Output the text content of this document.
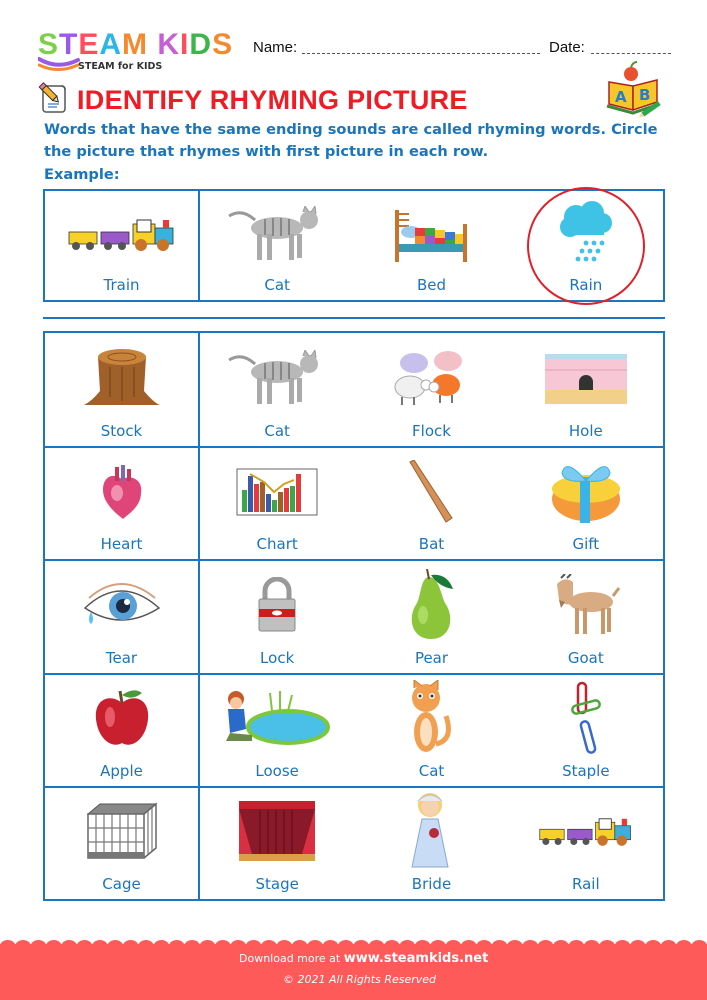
STEAM KIDS
STEAM for KIDS
Name:	Date:
IDENTIFY RHYMING PICTURE	A B
Words that have the same ending sounds are called rhyming words. Circle the picture that rhymes with first picture in each row.
Example:
Train	Cat	Bed	Rain
Stock	Cat	Flock	Hole
Heart	Chart	Bat	Gift
Tear	Lock	Pear	Goat
Apple	Loose	Cat	Staple
Cage	Stage	Bride	Rail
Download more at www.steamkids.net
© 2021 All Rights Reserved
